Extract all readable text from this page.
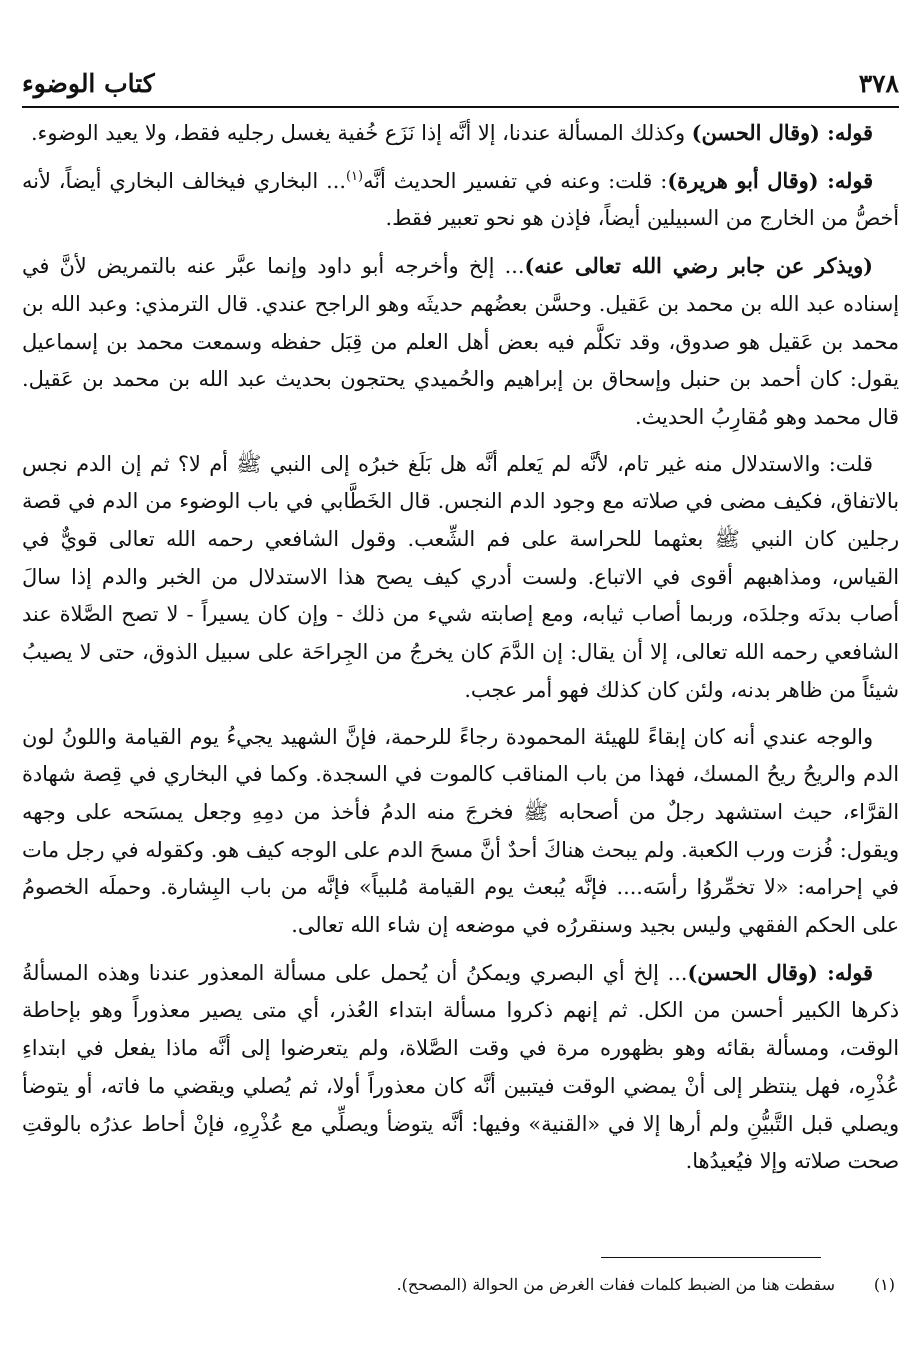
٣٧٨
كتاب الوضوء

قوله: (وقال الحسن) وكذلك المسألة عندنا، إلا أنَّه إذا نَزَع خُفية يغسل رجليه فقط، ولا يعيد الوضوء.

قوله: (وقال أبو هريرة): قلت: وعنه في تفسير الحديث أنَّه$^{(١)}$... البخاري فيخالف البخاري أيضاً، لأنه أخصُّ من الخارج من السبيلين أيضاً، فإذن هو نحو تعبير فقط.

(ويذكر عن جابر رضي الله تعالى عنه)... إلخ وأخرجه أبو داود وإنما عبَّر عنه بالتمريض لأنَّ في إسناده عبد الله بن محمد بن عَقيل. وحسَّن بعضُهم حديثَه وهو الراجح عندي. قال الترمذي: وعبد الله بن محمد بن عَقيل هو صدوق، وقد تكلَّم فيه بعض أهل العلم من قِبَل حفظه وسمعت محمد بن إسماعيل يقول: كان أحمد بن حنبل وإسحاق بن إبراهيم والحُميدي يحتجون بحديث عبد الله بن محمد بن عَقيل. قال محمد وهو مُقارِبُ الحديث.

قلت: والاستدلال منه غير تام، لأنَّه لم يَعلم أنَّه هل بَلَغ خبرُه إلى النبي ﷺ أم لا؟ ثم إن الدم نجس بالاتفاق، فكيف مضى في صلاته مع وجود الدم النجس. قال الخَطَّابي في باب الوضوء من الدم في قصة رجلين كان النبي ﷺ بعثهما للحراسة على فم الشِّعب. وقول الشافعي رحمه الله تعالى قويٌّ في القياس، ومذاهبهم أقوى في الاتباع. ولست أدري كيف يصح هذا الاستدلال من الخبر والدم إذا سالَ أصاب بدنَه وجلدَه، وربما أصاب ثيابه، ومع إصابته شيء من ذلك - وإن كان يسيراً - لا تصح الصَّلاة عند الشافعي رحمه الله تعالى، إلا أن يقال: إن الدَّمَ كان يخرجُ من الجِراحَة على سبيل الذوق، حتى لا يصيبُ شيئاً من ظاهر بدنه، ولئن كان كذلك فهو أمر عجب.

والوجه عندي أنه كان إبقاءً للهيئة المحمودة رجاءً للرحمة، فإنَّ الشهيد يجيءُ يوم القيامة واللونُ لون الدم والريحُ ريحُ المسك، فهذا من باب المناقب كالموت في السجدة. وكما في البخاري في قِصة شهادة القرَّاء، حيث استشهد رجلٌ من أصحابه ﷺ فخرجَ منه الدمُ فأخذ من دمِهِ وجعل يمسَحه على وجهه ويقول: فُزت ورب الكعبة. ولم يبحث هناكَ أحدٌ أنَّ مسحَ الدم على الوجه كيف هو. وكقوله في رجل مات في إحرامه: «لا تخمِّروُا رأسَه.... فإنَّه يُبعث يوم القيامة مُلبياً» فإنَّه من باب البِشارة. وحملَه الخصومُ على الحكم الفقهي وليس بجيد وسنقررُه في موضعه إن شاء الله تعالى.

قوله: (وقال الحسن)... إلخ أي البصري ويمكنُ أن يُحمل على مسألة المعذور عندنا وهذه المسألةُ ذكرها الكبير أحسن من الكل. ثم إنهم ذكروا مسألة ابتداء العُذر، أي متى يصير معذوراً وهو بإحاطة الوقت، ومسألة بقائه وهو بظهوره مرة في وقت الصَّلاة، ولم يتعرضوا إلى أنَّه ماذا يفعل في ابتداءِ عُذْرِه، فهل ينتظر إلى أنْ يمضي الوقت فيتبين أنَّه كان معذوراً أولا، ثم يُصلي ويقضي ما فاته، أو يتوضأ ويصلي قبل التَّبيُّنِ ولم أرها إلا في «القنية» وفيها: أنَّه يتوضأ ويصلِّي مع عُذْرِهِ، فإنْ أحاط عذرُه بالوقتِ صحت صلاته وإلا فيُعيدُها.

(١)سقطت هنا من الضبط كلمات ففات الغرض من الحوالة (المصحح).
